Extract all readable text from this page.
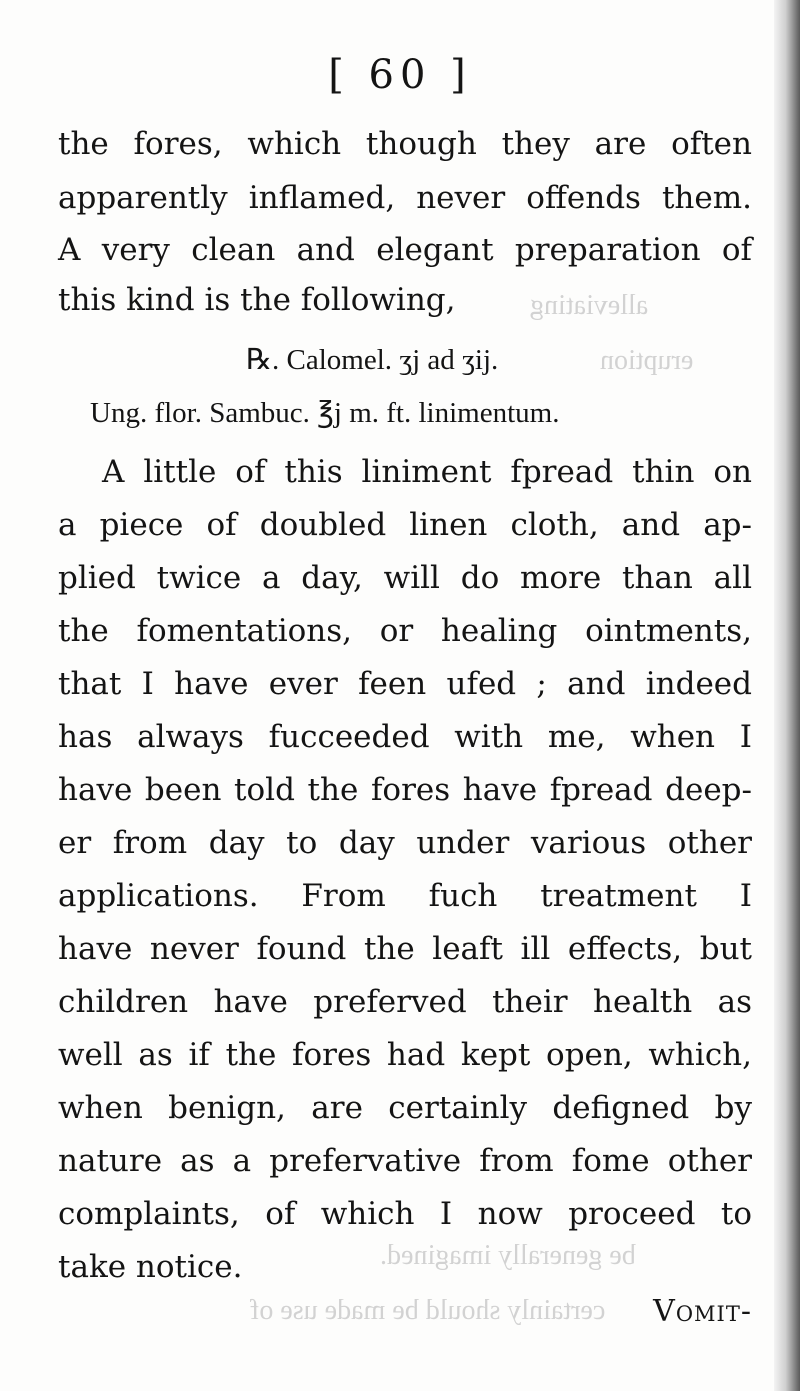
alleviating
eruption
be generally imagined.
certainly should be made use of
[ 60 ]
the fores, which though they are often
apparently inflamed, never offends them.
A very clean and elegant preparation of
this kind is the following,
℞. Calomel. ʒj ad ʒij.
Ung. flor. Sambuc. ℥j m. ft. linimentum.
A little of this liniment fpread thin on
a piece of doubled linen cloth, and ap-
plied twice a day, will do more than all
the fomentations, or healing ointments,
that I have ever feen ufed ; and indeed
has always fucceeded with me, when I
have been told the fores have fpread deep-
er from day to day under various other
applications. From fuch treatment I
have never found the leaft ill effects, but
children have preferved their health as
well as if the fores had kept open, which,
when benign, are certainly defigned by
nature as a prefervative from fome other
complaints, of which I now proceed to
take notice.
Vomit-
